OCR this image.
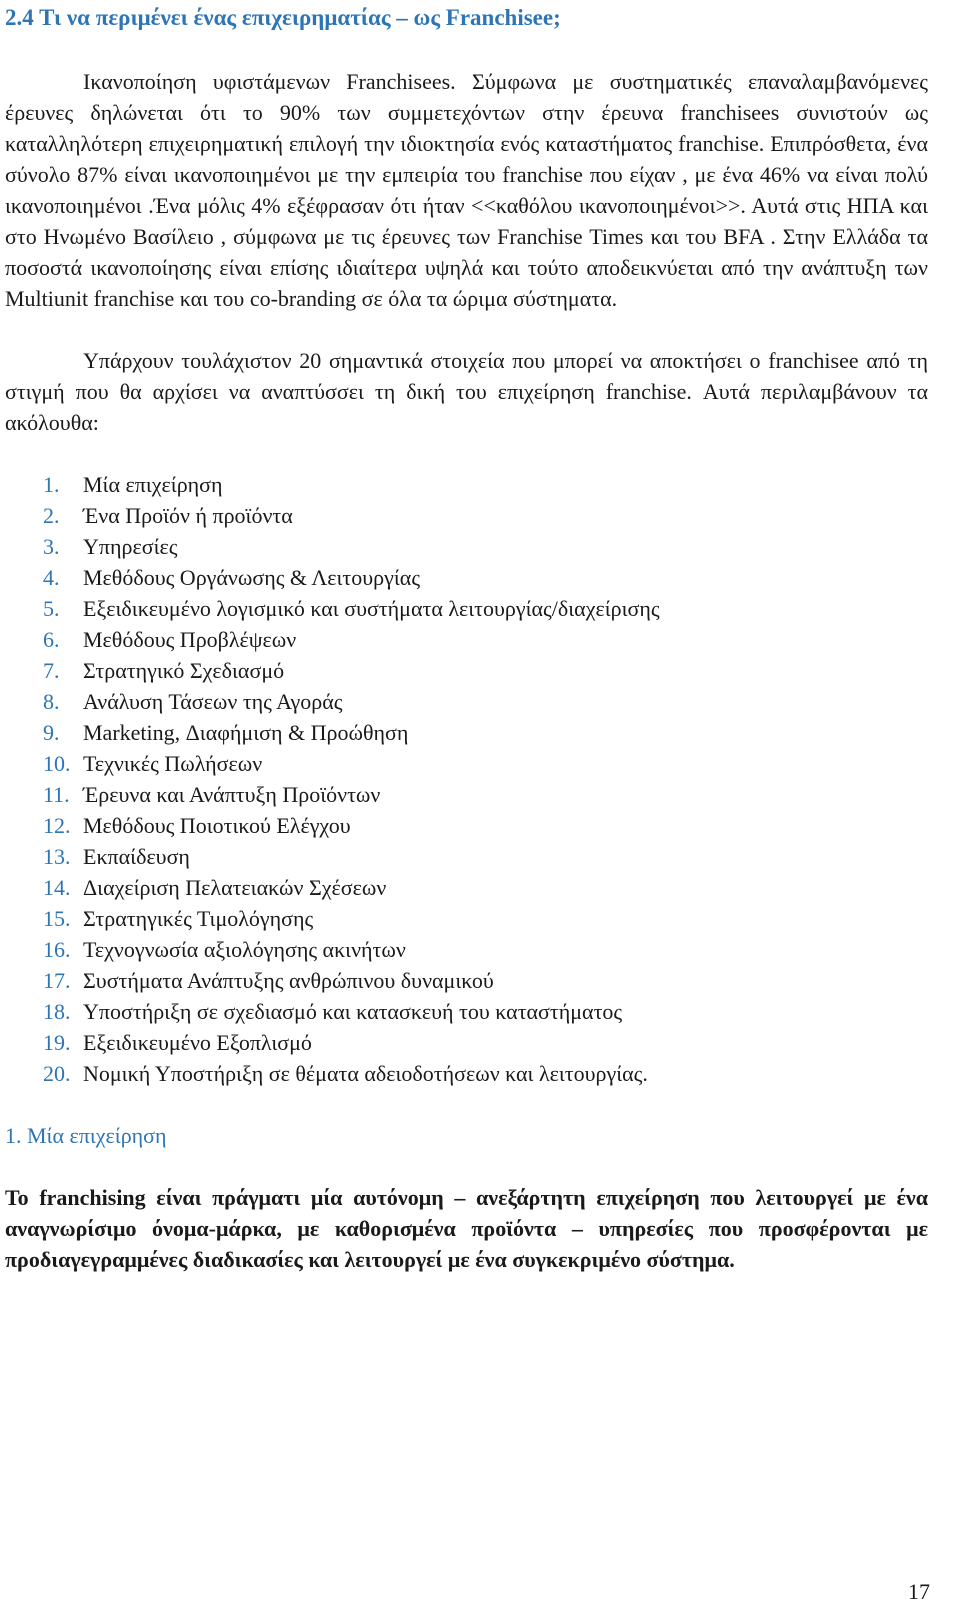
2.4 Τι να περιμένει ένας επιχειρηματίας – ως Franchisee;

Ικανοποίηση υφιστάμενων Franchisees. Σύμφωνα με συστηματικές επαναλαμβανόμενες έρευνες δηλώνεται ότι το 90% των συμμετεχόντων στην έρευνα franchisees συνιστούν ως καταλληλότερη επιχειρηματική επιλογή την ιδιοκτησία ενός καταστήματος franchise. Επιπρόσθετα, ένα σύνολο 87% είναι ικανοποιημένοι με την εμπειρία του franchise που είχαν , με ένα 46% να είναι πολύ ικανοποιημένοι .Ένα μόλις 4% εξέφρασαν ότι ήταν <<καθόλου ικανοποιημένοι>>. Αυτά στις ΗΠΑ και στο Ηνωμένο Βασίλειο , σύμφωνα με τις έρευνες των Franchise Times και του BFA . Στην Ελλάδα τα ποσοστά ικανοποίησης είναι επίσης ιδιαίτερα υψηλά και τούτο αποδεικνύεται από την ανάπτυξη των Multiunit franchise και του co-branding σε όλα τα ώριμα σύστηματα.

Υπάρχουν τουλάχιστον 20 σημαντικά στοιχεία που μπορεί να αποκτήσει ο franchisee από τη στιγμή που θα αρχίσει να αναπτύσσει τη δική του επιχείρηση franchise. Αυτά περιλαμβάνουν τα ακόλουθα:

1.	Μία επιχείρηση
2.	Ένα Προϊόν ή προϊόντα
3.	Υπηρεσίες
4.	Μεθόδους Οργάνωσης & Λειτουργίας
5.	Εξειδικευμένο λογισμικό και συστήματα λειτουργίας/διαχείρισης
6.	Μεθόδους Προβλέψεων
7.	Στρατηγικό Σχεδιασμό
8.	Ανάλυση Τάσεων της Αγοράς
9.	Marketing, Διαφήμιση & Προώθηση
10. Τεχνικές Πωλήσεων
11. Έρευνα και Ανάπτυξη Προϊόντων
12. Μεθόδους Ποιοτικού Ελέγχου
13. Εκπαίδευση
14. Διαχείριση Πελατειακών Σχέσεων
15. Στρατηγικές Τιμολόγησης
16. Τεχνογνωσία αξιολόγησης ακινήτων
17. Συστήματα Ανάπτυξης ανθρώπινου δυναμικού
18. Υποστήριξη σε σχεδιασμό και κατασκευή του καταστήματος
19. Εξειδικευμένο Εξοπλισμό
20. Νομική Υποστήριξη σε θέματα αδειοδοτήσεων και λειτουργίας.
1. Μία επιχείρηση

Το franchising είναι πράγματι μία αυτόνομη – ανεξάρτητη επιχείρηση που λειτουργεί με ένα αναγνωρίσιμο όνομα-μάρκα, με καθορισμένα προϊόντα – υπηρεσίες που προσφέρονται με προδιαγεγραμμένες διαδικασίες και λειτουργεί με ένα συγκεκριμένο σύστημα.

17
